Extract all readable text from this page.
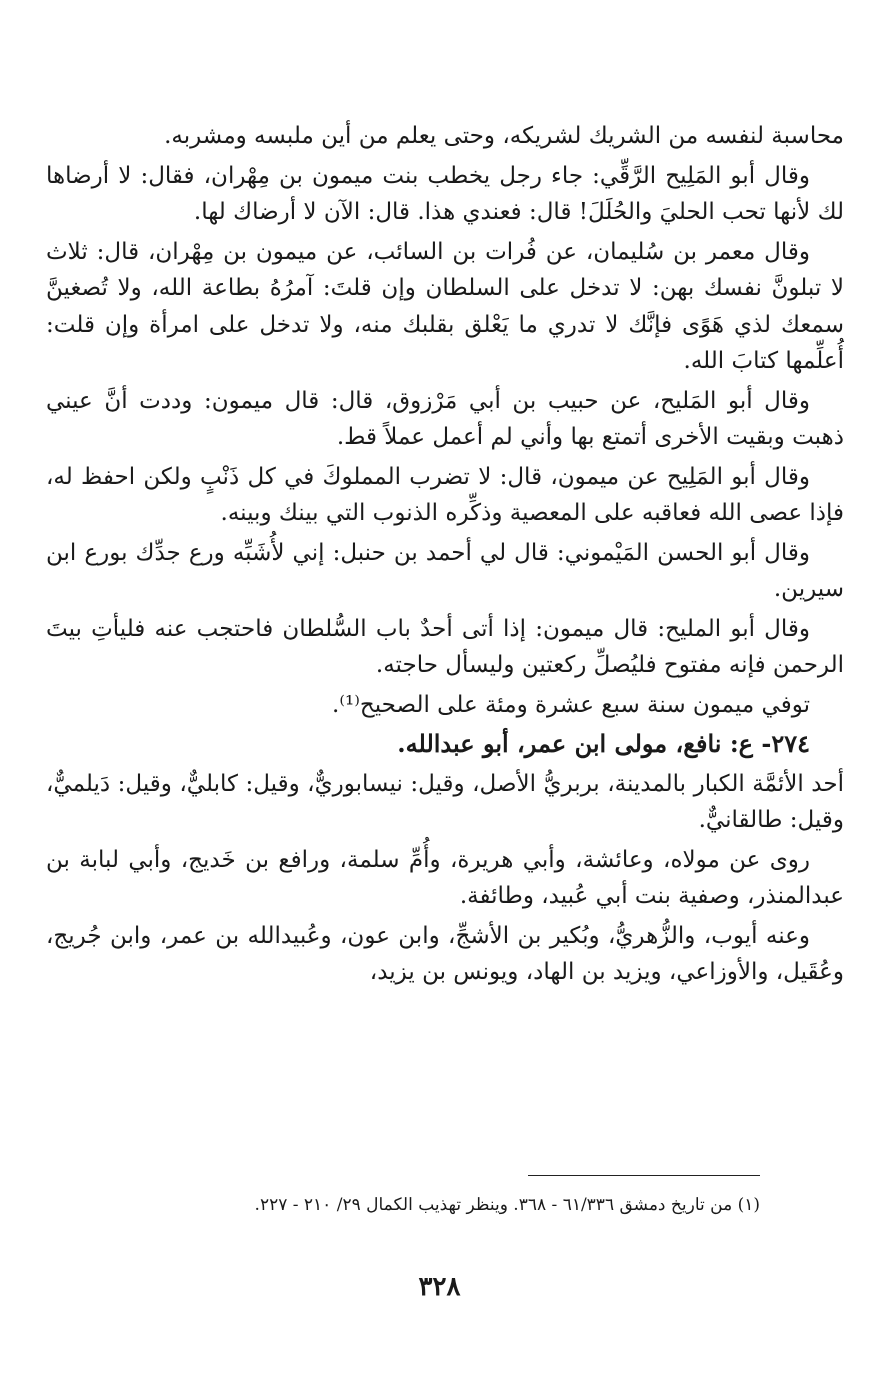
محاسبة لنفسه من الشريك لشريكه، وحتى يعلم من أين ملبسه ومشربه.

وقال أبو المَلِيح الرَّقِّي: جاء رجل يخطب بنت ميمون بن مِهْران، فقال: لا أرضاها لك لأنها تحب الحليَ والحُلَلَ! قال: فعندي هذا. قال: الآن لا أرضاك لها.

وقال معمر بن سُليمان، عن فُرات بن السائب، عن ميمون بن مِهْران، قال: ثلاث لا تبلونَّ نفسك بهن: لا تدخل على السلطان وإن قلتَ: آمرُهُ بطاعة الله، ولا تُصغينَّ سمعك لذي هَوًى فإنَّك لا تدري ما يَعْلق بقلبك منه، ولا تدخل على امرأة وإن قلت: أُعلِّمها كتابَ الله.

وقال أبو المَليح، عن حبيب بن أبي مَرْزوق، قال: قال ميمون: وددت أنَّ عيني ذهبت وبقيت الأخرى أتمتع بها وأني لم أعمل عملاً قط.

وقال أبو المَلِيح عن ميمون، قال: لا تضرب المملوكَ في كل ذَنْبٍ ولكن احفظ له، فإذا عصى الله فعاقبه على المعصية وذكِّره الذنوب التي بينك وبينه.

وقال أبو الحسن المَيْموني: قال لي أحمد بن حنبل: إني لأُشَبِّه ورع جدِّك بورع ابن سيرين.

وقال أبو المليح: قال ميمون: إذا أتى أحدٌ باب السُّلطان فاحتجب عنه فليأتِ بيتَ الرحمن فإنه مفتوح فليُصلِّ ركعتين وليسأل حاجته.

توفي ميمون سنة سبع عشرة ومئة على الصحيح⁽¹⁾.

٢٧٤- ع: نافع، مولى ابن عمر، أبو عبدالله.

أحد الأئمَّة الكبار بالمدينة، بربريُّ الأصل، وقيل: نيسابوريٌّ، وقيل: كابليٌّ، وقيل: دَيلميٌّ، وقيل: طالقانيٌّ.

روى عن مولاه، وعائشة، وأبي هريرة، وأُمِّ سلمة، ورافع بن خَديج، وأبي لبابة بن عبدالمنذر، وصفية بنت أبي عُبيد، وطائفة.

وعنه أيوب، والزُّهريُّ، وبُكير بن الأشجِّ، وابن عون، وعُبيدالله بن عمر، وابن جُريج، وعُقَيل، والأوزاعي، ويزيد بن الهاد، ويونس بن يزيد،

(١) من تاريخ دمشق ٦١/٣٣٦ - ٣٦٨. وينظر تهذيب الكمال ٢٩/ ٢١٠ - ٢٢٧.
٣٢٨
